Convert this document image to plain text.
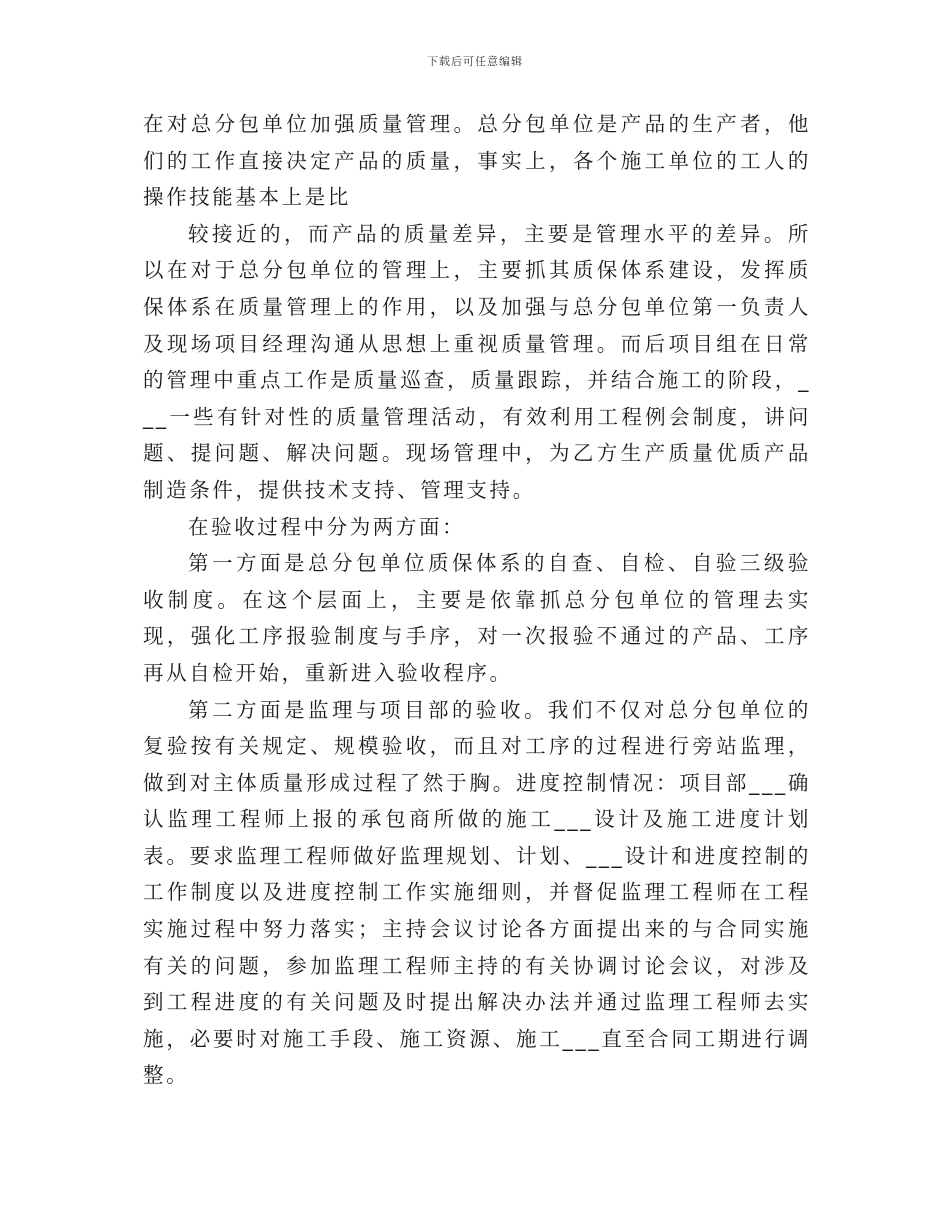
下载后可任意编辑

在对总分包单位加强质量管理。总分包单位是产品的生产者，他们的工作直接决定产品的质量，事实上，各个施工单位的工人的操作技能基本上是比

较接近的，而产品的质量差异，主要是管理水平的差异。所以在对于总分包单位的管理上，主要抓其质保体系建设，发挥质保体系在质量管理上的作用，以及加强与总分包单位第一负责人及现场项目经理沟通从思想上重视质量管理。而后项目组在日常的管理中重点工作是质量巡查，质量跟踪，并结合施工的阶段，___一些有针对性的质量管理活动，有效利用工程例会制度，讲问题、提问题、解决问题。现场管理中，为乙方生产质量优质产品制造条件，提供技术支持、管理支持。

在验收过程中分为两方面：

第一方面是总分包单位质保体系的自查、自检、自验三级验收制度。在这个层面上，主要是依靠抓总分包单位的管理去实现，强化工序报验制度与手序，对一次报验不通过的产品、工序再从自检开始，重新进入验收程序。

第二方面是监理与项目部的验收。我们不仅对总分包单位的复验按有关规定、规模验收，而且对工序的过程进行旁站监理，做到对主体质量形成过程了然于胸。进度控制情况：项目部___确认监理工程师上报的承包商所做的施工___设计及施工进度计划表。要求监理工程师做好监理规划、计划、___设计和进度控制的工作制度以及进度控制工作实施细则，并督促监理工程师在工程实施过程中努力落实；主持会议讨论各方面提出来的与合同实施有关的问题，参加监理工程师主持的有关协调讨论会议，对涉及到工程进度的有关问题及时提出解决办法并通过监理工程师去实施，必要时对施工手段、施工资源、施工___直至合同工期进行调整。
